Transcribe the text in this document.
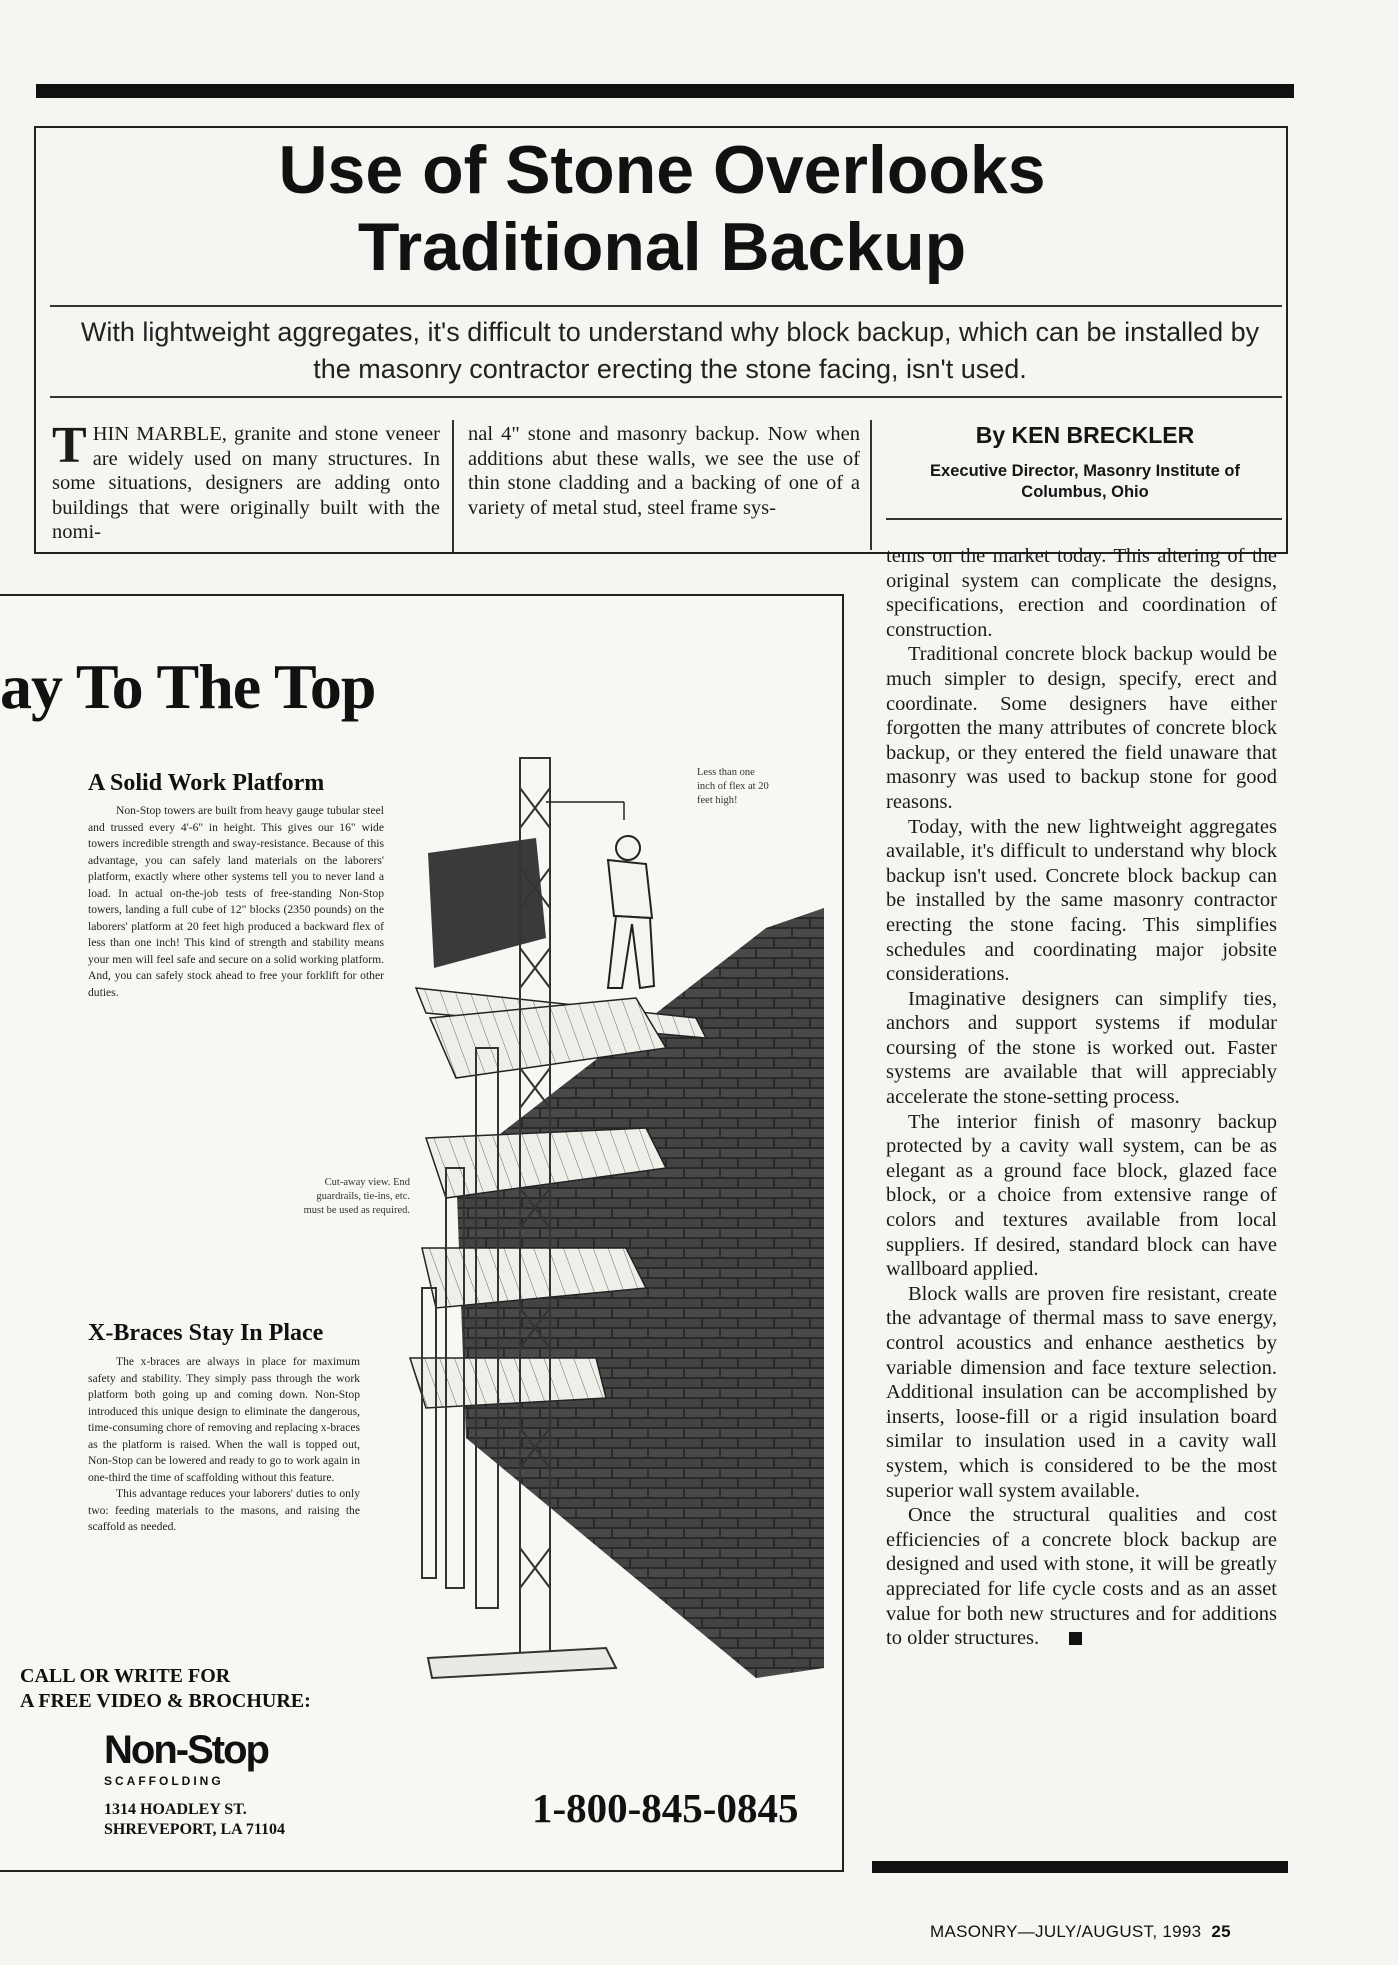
Use of Stone Overlooks
Traditional Backup
With lightweight aggregates, it's difficult to understand why block backup, which can be installed by the masonry contractor erecting the stone facing, isn't used.
THIN MARBLE, granite and stone veneer are widely used on many structures. In some situations, designers are adding onto buildings that were originally built with the nomi-
nal 4" stone and masonry backup. Now when additions abut these walls, we see the use of thin stone cladding and a backing of one of a variety of metal stud, steel frame sys-
By KEN BRECKLER
Executive Director, Masonry Institute of Columbus, Ohio

tems on the market today. This altering of the original system can complicate the designs, specifications, erection and coordination of construction.

Traditional concrete block backup would be much simpler to design, specify, erect and coordinate. Some designers have either forgotten the many attributes of concrete block backup, or they entered the field unaware that masonry was used to backup stone for good reasons.

Today, with the new lightweight aggregates available, it's difficult to understand why block backup isn't used. Concrete block backup can be installed by the same masonry contractor erecting the stone facing. This simplifies schedules and coordinating major jobsite considerations.

Imaginative designers can simplify ties, anchors and support systems if modular coursing of the stone is worked out. Faster systems are available that will appreciably accelerate the stone-setting process.

The interior finish of masonry backup protected by a cavity wall system, can be as elegant as a ground face block, glazed face block, or a choice from extensive range of colors and textures available from local suppliers. If desired, standard block can have wallboard applied.

Block walls are proven fire resistant, create the advantage of thermal mass to save energy, control acoustics and enhance aesthetics by variable dimension and face texture selection. Additional insulation can be accomplished by inserts, loose-fill or a rigid insulation board similar to insulation used in a cavity wall system, which is considered to be the most superior wall system available.

Once the structural qualities and cost efficiencies of a concrete block backup are designed and used with stone, it will be greatly appreciated for life cycle costs and as an asset value for both new structures and for additions to older structures.

ay To The Top
A Solid Work Platform

Non-Stop towers are built from heavy gauge tubular steel and trussed every 4'-6" in height. This gives our 16" wide towers incredible strength and sway-resistance. Because of this advantage, you can safely land materials on the laborers' platform, exactly where other systems tell you to never land a load. In actual on-the-job tests of free-standing Non-Stop towers, landing a full cube of 12" blocks (2350 pounds) on the laborers' platform at 20 feet high produced a backward flex of less than one inch! This kind of strength and stability means your men will feel safe and secure on a solid working platform. And, you can safely stock ahead to free your forklift for other duties.

Less than one inch of flex at 20 feet high!
Cut-away view. End guardrails, tie-ins, etc. must be used as required.
X-Braces Stay In Place

The x-braces are always in place for maximum safety and stability. They simply pass through the work platform both going up and coming down. Non-Stop introduced this unique design to eliminate the dangerous, time-consuming chore of removing and replacing x-braces as the platform is raised. When the wall is topped out, Non-Stop can be lowered and ready to go to work again in one-third the time of scaffolding without this feature.

This advantage reduces your laborers' duties to only two: feeding materials to the masons, and raising the scaffold as needed.

CALL OR WRITE FOR
A FREE VIDEO & BROCHURE:
Non-Stop
SCAFFOLDING
1314 HOADLEY ST.
SHREVEPORT, LA 71104	1-800-845-0845
MASONRY—JULY/AUGUST, 1993 25
